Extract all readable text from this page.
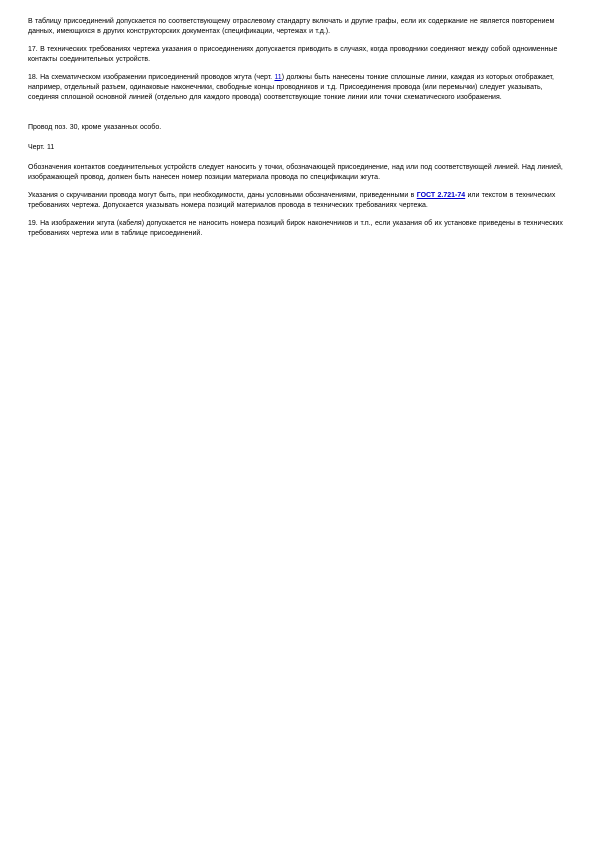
В таблицу присоединений допускается по соответствующему отраслевому стандарту включать и другие графы, если их содержание не является повторением данных, имеющихся в других конструкторских документах (спецификации, чертежах и т.д.).

17. В технических требованиях чертежа указания о присоединениях допускается приводить в случаях, когда проводники соединяют между собой одноименные контакты соединительных устройств.

18. На схематическом изображении присоединений проводов жгута (черт. 11) должны быть нанесены тонкие сплошные линии, каждая из которых отображает, например, отдельный разъем, одинаковые наконечники, свободные концы проводников и т.д. Присоединения провода (или перемычки) следует указывать, соединяя сплошной основной линией (отдельно для каждого провода) соответствующие тонкие линии или точки схематического изображения.

Провод поз. 30, кроме указанных особо.

Черт. 11

Обозначения контактов соединительных устройств следует наносить у точки, обозначающей присоединение, над или под соответствующей линией. Над линией, изображающей провод, должен быть нанесен номер позиции материала провода по спецификации жгута.

Указания о скручивании провода могут быть, при необходимости, даны условными обозначениями, приведенными в ГОСТ 2.721-74 или текстом в технических требованиях чертежа. Допускается указывать номера позиций материалов провода в технических требованиях чертежа.

19. На изображении жгута (кабеля) допускается не наносить номера позиций бирок наконечников и т.п., если указания об их установке приведены в технических требованиях чертежа или в таблице присоединений.
